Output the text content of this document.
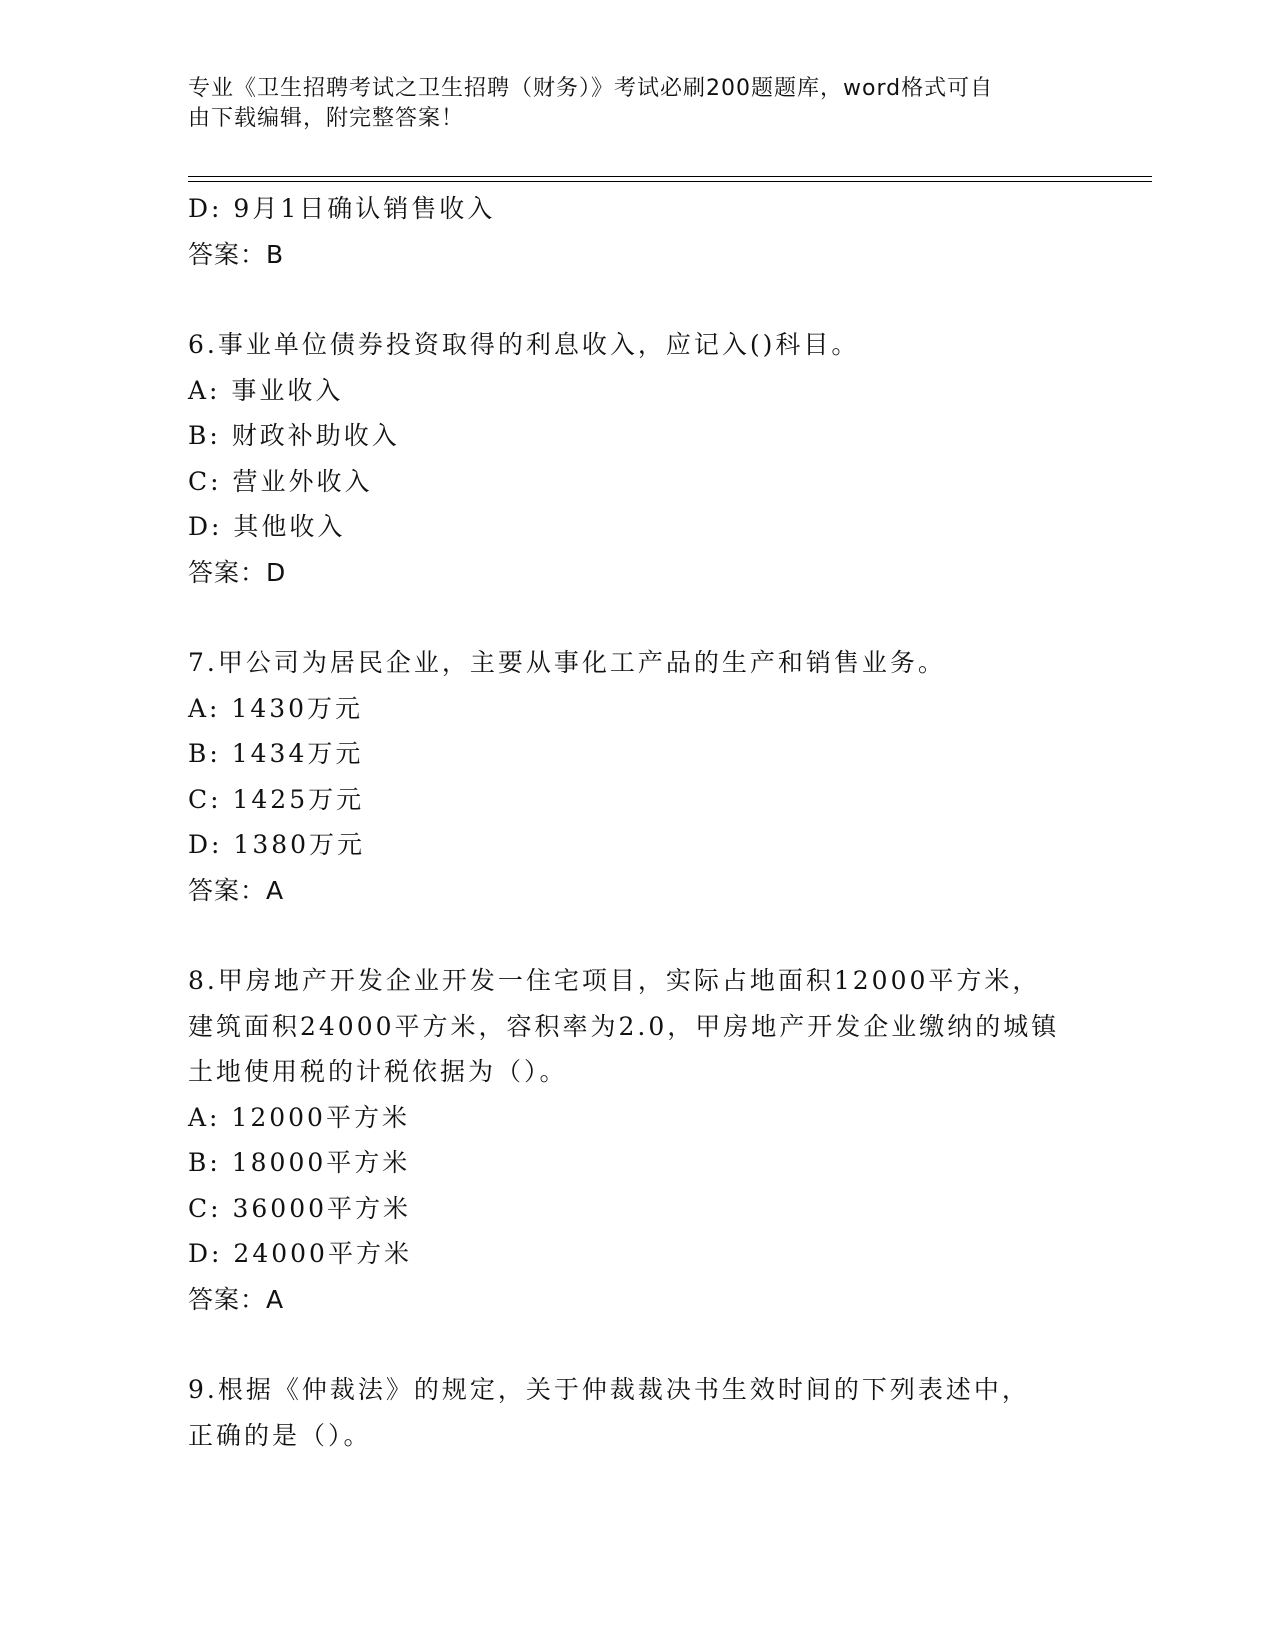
专业《卫生招聘考试之卫生招聘（财务）》考试必刷200题题库，word格式可自
由下载编辑，附完整答案！
D: 9月1日确认销售收入
答案：B
6.事业单位债券投资取得的利息收入，应记入()科目。
A: 事业收入
B: 财政补助收入
C: 营业外收入
D: 其他收入
答案：D
7.甲公司为居民企业，主要从事化工产品的生产和销售业务。
A: 1430万元
B: 1434万元
C: 1425万元
D: 1380万元
答案：A
8.甲房地产开发企业开发一住宅项目，实际占地面积12000平方米，
建筑面积24000平方米，容积率为2.0，甲房地产开发企业缴纳的城镇
土地使用税的计税依据为（）。
A: 12000平方米
B: 18000平方米
C: 36000平方米
D: 24000平方米
答案：A
9.根据《仲裁法》的规定，关于仲裁裁决书生效时间的下列表述中，
正确的是（）。
